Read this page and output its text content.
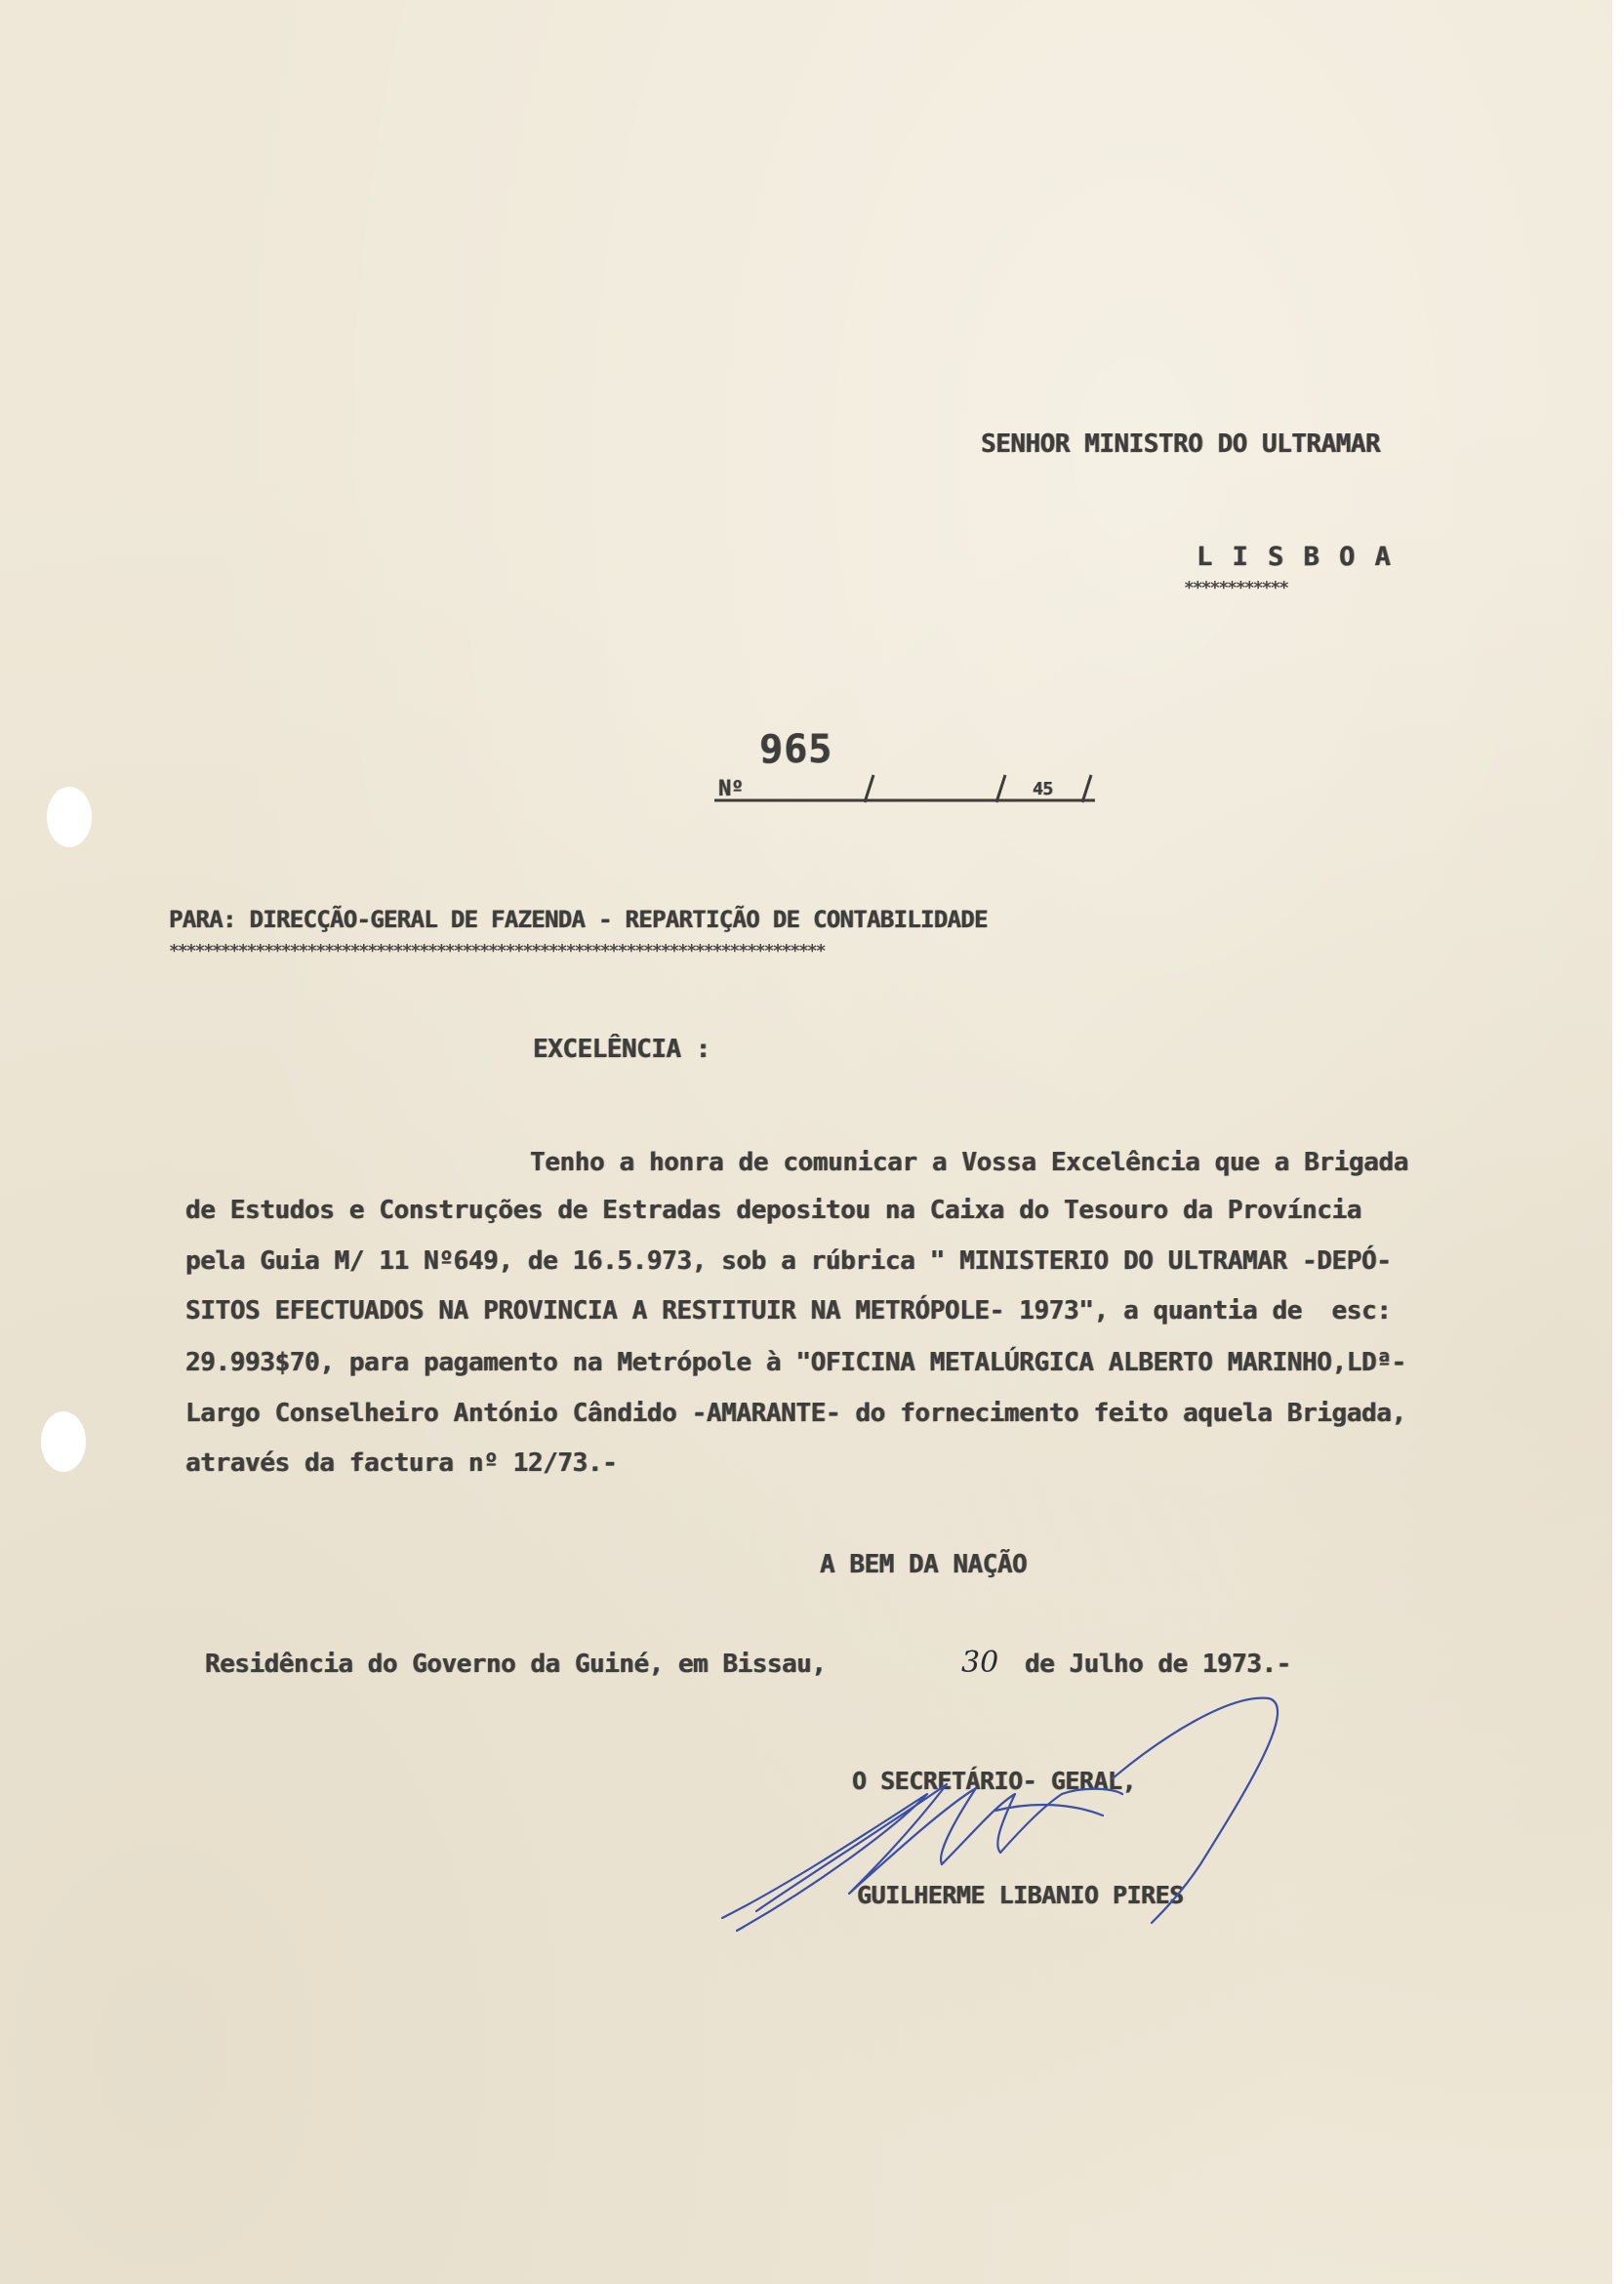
SENHOR MINISTRO DO ULTRAMAR
L I S B O A
************
965
Nº	45
PARA: DIRECÇÃO-GERAL DE FAZENDA - REPARTIÇÃO DE CONTABILIDADE
****************************************************************************
EXCELÊNCIA :
Tenho a honra de comunicar a Vossa Excelência que a Brigada
de Estudos e Construções de Estradas depositou na Caixa do Tesouro da Província
pela Guia M/ 11 Nº649, de 16.5.973, sob a rúbrica " MINISTERIO DO ULTRAMAR -DEPÓ-
SITOS EFECTUADOS NA PROVINCIA A RESTITUIR NA METRÓPOLE- 1973", a quantia de  esc:
29.993$70, para pagamento na Metrópole à "OFICINA METALÚRGICA ALBERTO MARINHO,LDª-
Largo Conselheiro António Cândido -AMARANTE- do fornecimento feito aquela Brigada,
através da factura nº 12/73.-
A BEM DA NAÇÃO
Residência do Governo da Guiné, em Bissau,	30 de Julho de 1973.-
O SECRETÁRIO- GERAL,
GUILHERME LIBANIO PIRES
